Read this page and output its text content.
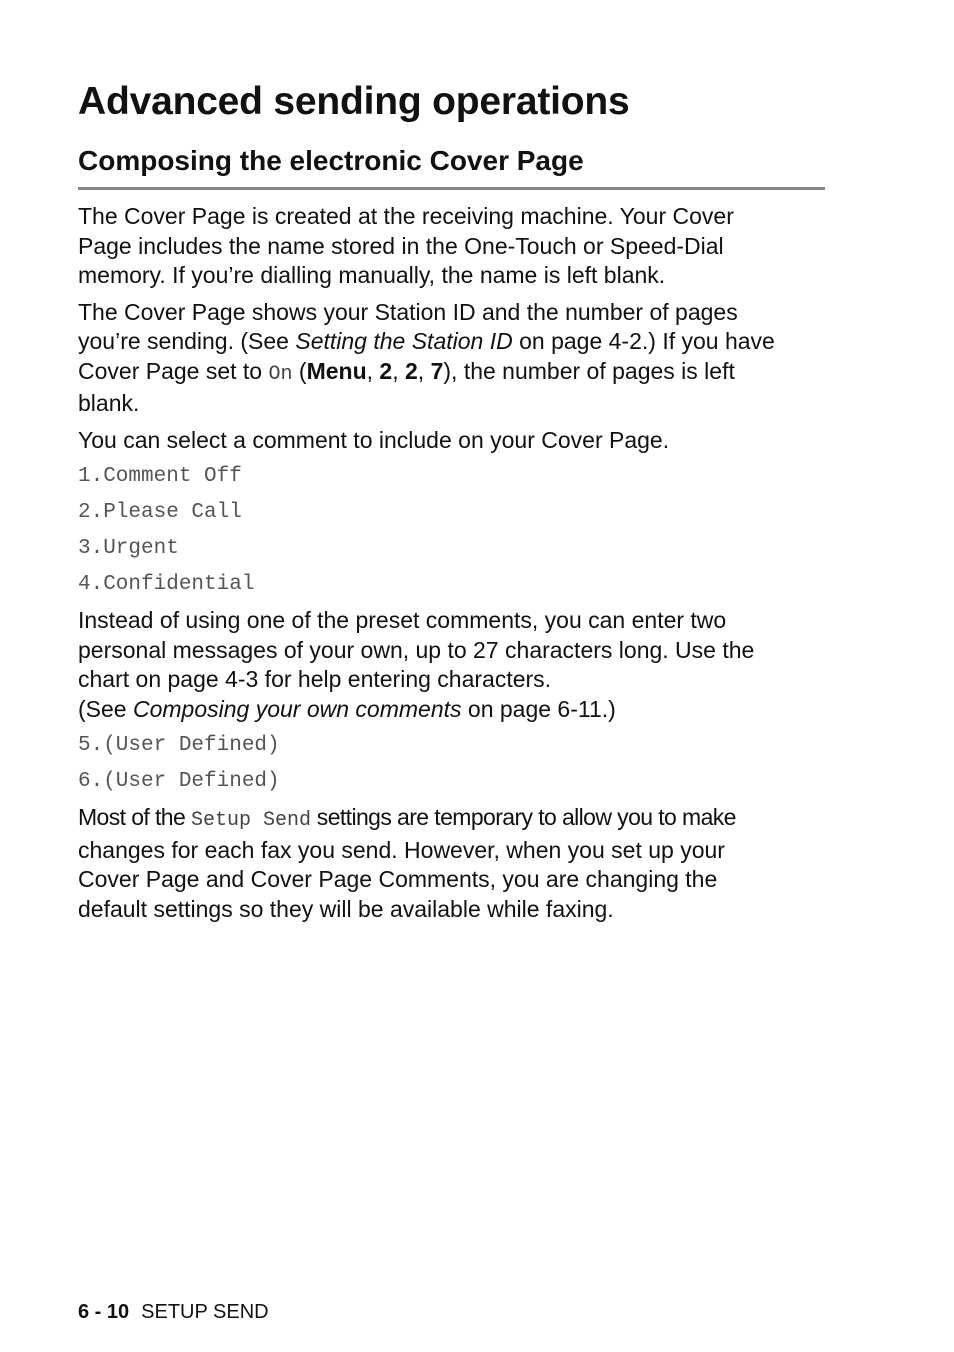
Advanced sending operations
Composing the electronic Cover Page

The Cover Page is created at the receiving machine. Your Cover
Page includes the name stored in the One-Touch or Speed-Dial
memory. If you’re dialling manually, the name is left blank.

The Cover Page shows your Station ID and the number of pages
you’re sending. (See Setting the Station ID on page 4-2.) If you have
Cover Page set to On (Menu, 2, 2, 7), the number of pages is left
blank.

You can select a comment to include on your Cover Page.

1.Comment Off
2.Please Call
3.Urgent
4.Confidential

Instead of using one of the preset comments, you can enter two
personal messages of your own, up to 27 characters long. Use the
chart on page 4-3 for help entering characters.
(See Composing your own comments on page 6-11.)

5.(User Defined)
6.(User Defined)

Most of the Setup Send settings are temporary to allow you to make
changes for each fax you send. However, when you set up your
Cover Page and Cover Page Comments, you are changing the
default settings so they will be available while faxing.

6 - 10 SETUP SEND
